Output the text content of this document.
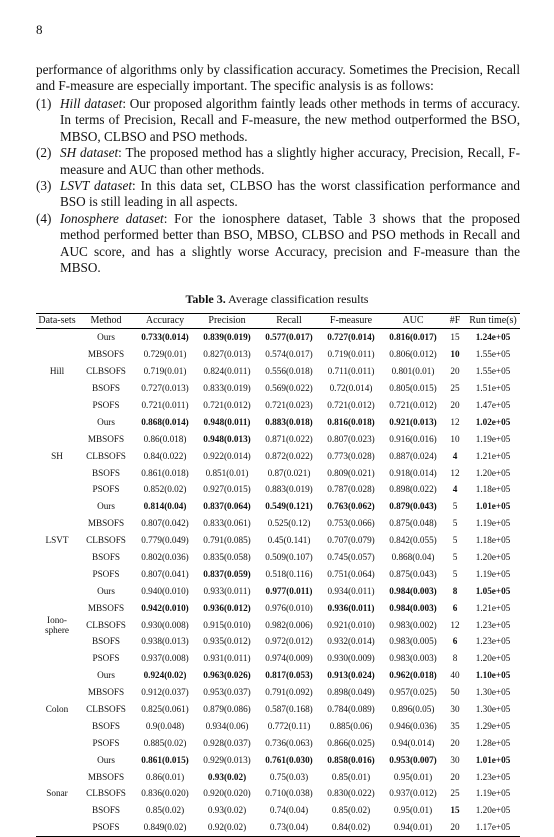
8

performance of algorithms only by classification accuracy. Sometimes the Precision, Recall and F-measure are especially important. The specific analysis is as follows:

(1) Hill dataset: Our proposed algorithm faintly leads other methods in terms of accuracy. In terms of Precision, Recall and F-measure, the new method outperformed the BSO, MBSO, CLBSO and PSO methods.
(2) SH dataset: The proposed method has a slightly higher accuracy, Precision, Recall, F-measure and AUC than other methods.
(3) LSVT dataset: In this data set, CLBSO has the worst classification performance and BSO is still leading in all aspects.
(4) Ionosphere dataset: For the ionosphere dataset, Table 3 shows that the proposed method performed better than BSO, MBSO, CLBSO and PSO methods in Recall and AUC score, and has a slightly worse Accuracy, precision and F-measure than the MBSO.
Table 3. Average classification results
Data-sets	Method	Accuracy	Precision	Recall	F-measure	AUC	#F	Run time(s)
Hill	Ours	0.733(0.014)	0.839(0.019)	0.577(0.017)	0.727(0.014)	0.816(0.017)	15	1.24e+05
	MBSOFS	0.729(0.01)	0.827(0.013)	0.574(0.017)	0.719(0.011)	0.806(0.012)	10	1.55e+05
	CLBSOFS	0.719(0.01)	0.824(0.011)	0.556(0.018)	0.711(0.011)	0.801(0.01)	20	1.55e+05
	BSOFS	0.727(0.013)	0.833(0.019)	0.569(0.022)	0.72(0.014)	0.805(0.015)	25	1.51e+05
	PSOFS	0.721(0.011)	0.721(0.012)	0.721(0.023)	0.721(0.012)	0.721(0.012)	20	1.47e+05
SH	Ours	0.868(0.014)	0.948(0.011)	0.883(0.018)	0.816(0.018)	0.921(0.013)	12	1.02e+05
	MBSOFS	0.86(0.018)	0.948(0.013)	0.871(0.022)	0.807(0.023)	0.916(0.016)	10	1.19e+05
	CLBSOFS	0.84(0.022)	0.922(0.014)	0.872(0.022)	0.773(0.028)	0.887(0.024)	4	1.21e+05
	BSOFS	0.861(0.018)	0.851(0.01)	0.87(0.021)	0.809(0.021)	0.918(0.014)	12	1.20e+05
	PSOFS	0.852(0.02)	0.927(0.015)	0.883(0.019)	0.787(0.028)	0.898(0.022)	4	1.18e+05
LSVT	Ours	0.814(0.04)	0.837(0.064)	0.549(0.121)	0.763(0.062)	0.879(0.043)	5	1.01e+05
	MBSOFS	0.807(0.042)	0.833(0.061)	0.525(0.12)	0.753(0.066)	0.875(0.048)	5	1.19e+05
	CLBSOFS	0.779(0.049)	0.791(0.085)	0.45(0.141)	0.707(0.079)	0.842(0.055)	5	1.18e+05
	BSOFS	0.802(0.036)	0.835(0.058)	0.509(0.107)	0.745(0.057)	0.868(0.04)	5	1.20e+05
	PSOFS	0.807(0.041)	0.837(0.059)	0.518(0.116)	0.751(0.064)	0.875(0.043)	5	1.19e+05
Iono-
sphere	Ours	0.940(0.010)	0.933(0.011)	0.977(0.011)	0.934(0.011)	0.984(0.003)	8	1.05e+05
	MBSOFS	0.942(0.010)	0.936(0.012)	0.976(0.010)	0.936(0.011)	0.984(0.003)	6	1.21e+05
	CLBSOFS	0.930(0.008)	0.915(0.010)	0.982(0.006)	0.921(0.010)	0.983(0.002)	12	1.23e+05
	BSOFS	0.938(0.013)	0.935(0.012)	0.972(0.012)	0.932(0.014)	0.983(0.005)	6	1.23e+05
	PSOFS	0.937(0.008)	0.931(0.011)	0.974(0.009)	0.930(0.009)	0.983(0.003)	8	1.20e+05
Colon	Ours	0.924(0.02)	0.963(0.026)	0.817(0.053)	0.913(0.024)	0.962(0.018)	40	1.10e+05
	MBSOFS	0.912(0.037)	0.953(0.037)	0.791(0.092)	0.898(0.049)	0.957(0.025)	50	1.30e+05
	CLBSOFS	0.825(0.061)	0.879(0.086)	0.587(0.168)	0.784(0.089)	0.896(0.05)	30	1.30e+05
	BSOFS	0.9(0.048)	0.934(0.06)	0.772(0.11)	0.885(0.06)	0.946(0.036)	35	1.29e+05
	PSOFS	0.885(0.02)	0.928(0.037)	0.736(0.063)	0.866(0.025)	0.94(0.014)	20	1.28e+05
Sonar	Ours	0.861(0.015)	0.929(0.013)	0.761(0.030)	0.858(0.016)	0.953(0.007)	30	1.01e+05
	MBSOFS	0.86(0.01)	0.93(0.02)	0.75(0.03)	0.85(0.01)	0.95(0.01)	20	1.23e+05
	CLBSOFS	0.836(0.020)	0.920(0.020)	0.710(0.038)	0.830(0.022)	0.937(0.012)	25	1.19e+05
	BSOFS	0.85(0.02)	0.93(0.02)	0.74(0.04)	0.85(0.02)	0.95(0.01)	15	1.20e+05
	PSOFS	0.849(0.02)	0.92(0.02)	0.73(0.04)	0.84(0.02)	0.94(0.01)	20	1.17e+05
